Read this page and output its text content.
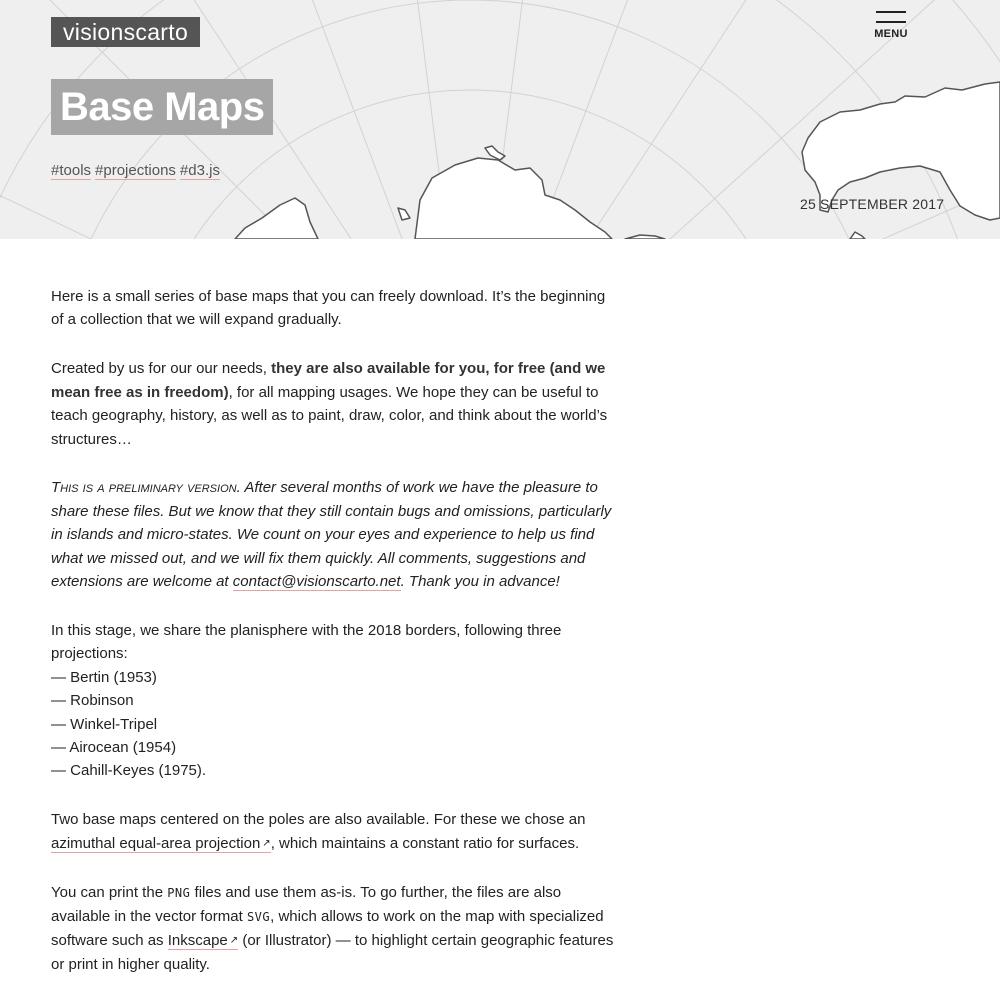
visionscarto	MENU
Base Maps
#tools #projections #d3.js
25 SEPTEMBER 2017

Here is a small series of base maps that you can freely download. It’s the beginning of a collection that we will expand gradually.

Created by us for our our needs, they are also available for you, for free (and we mean free as in freedom), for all mapping usages. We hope they can be useful to teach geography, history, as well as to paint, draw, color, and think about the world’s structures…

This is a preliminary version. After several months of work we have the pleasure to share these files. But we know that they still contain bugs and omissions, particularly in islands and micro-states. We count on your eyes and experience to help us find what we missed out, and we will fix them quickly. All comments, suggestions and extensions are welcome at contact@visionscarto.net. Thank you in advance!

In this stage, we share the planisphere with the 2018 borders, following three projections:
— Bertin (1953)
— Robinson
— Winkel-Tripel
— Airocean (1954)
— Cahill-Keyes (1975).

Two base maps centered on the poles are also available. For these we chose an azimuthal equal-area projection ↗, which maintains a constant ratio for surfaces.

You can print the PNG files and use them as-is. To go further, the files are also available in the vector format SVG, which allows to work on the map with specialized software such as Inkscape ↗ (or Illustrator) — to highlight certain geographic features or print in higher quality.
